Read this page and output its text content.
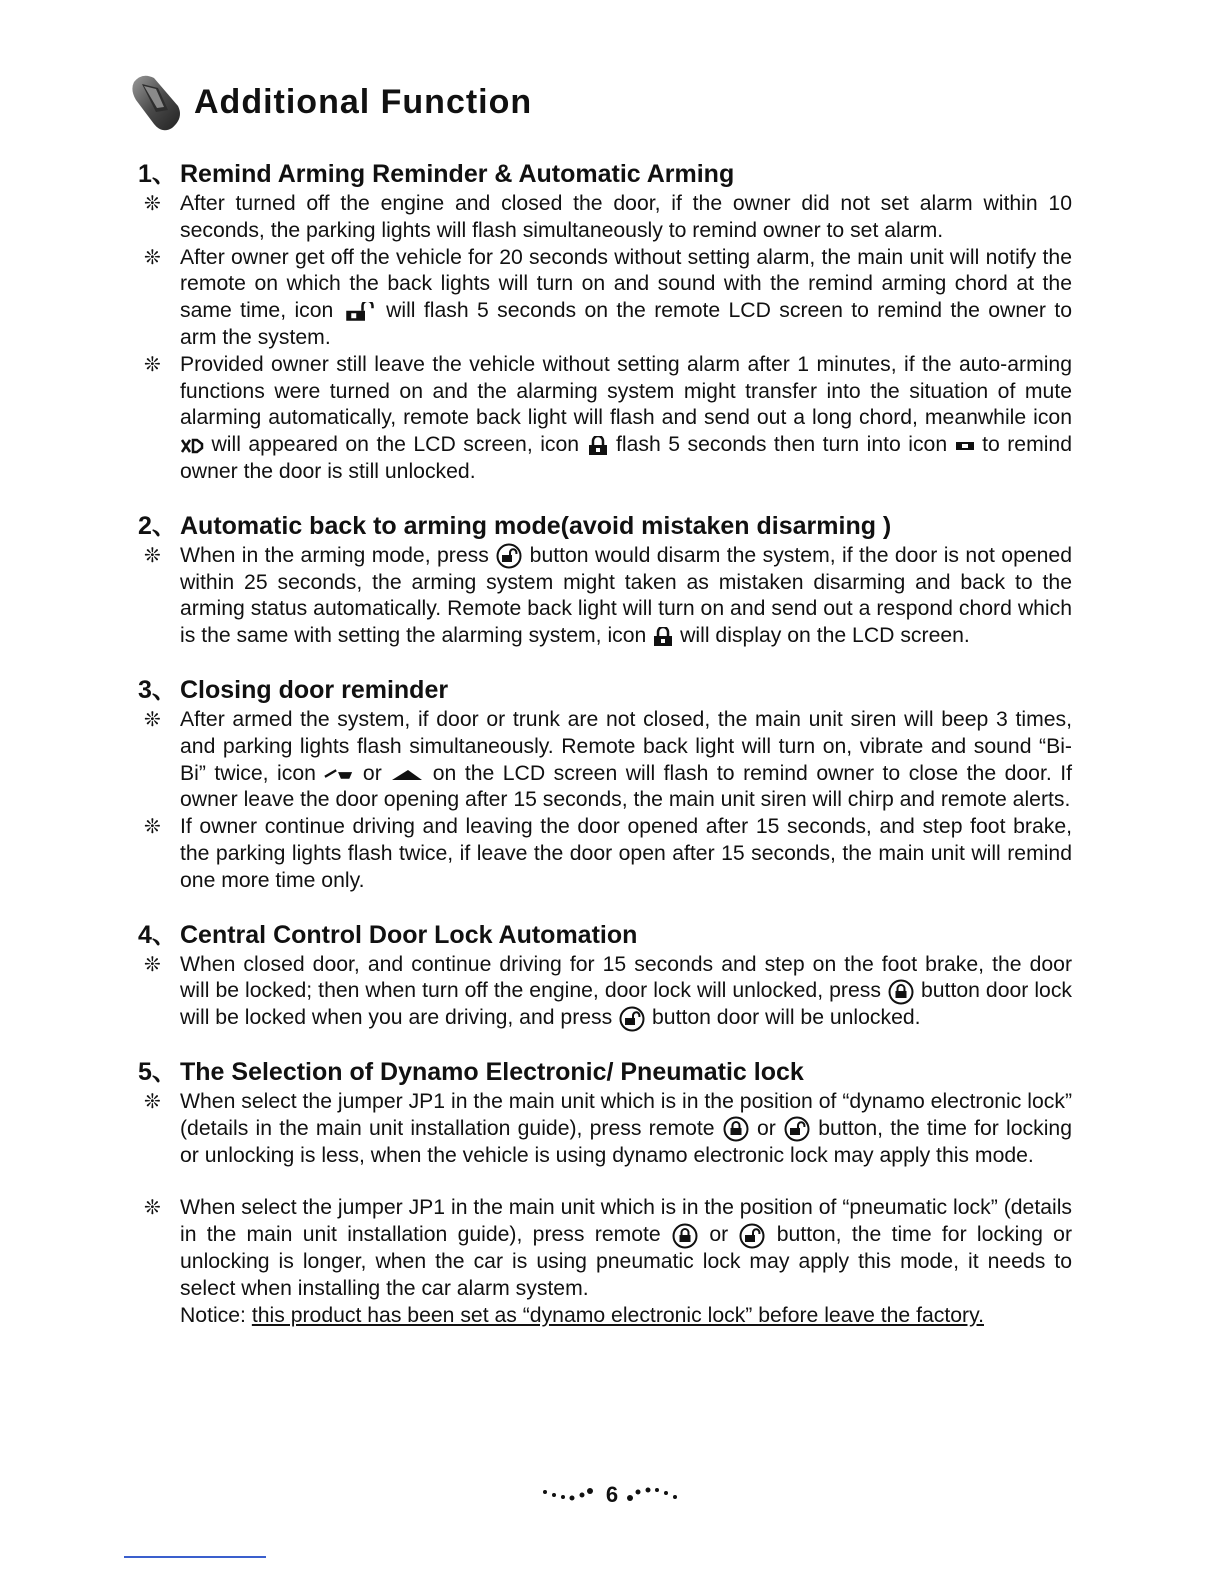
Additional Function
1、 Remind Arming Reminder & Automatic Arming
❊ After turned off the engine and closed the door, if the owner did not set alarm within 10 seconds, the parking lights will flash simultaneously to remind owner to set alarm.
❊ After owner get off the vehicle for 20 seconds without setting alarm, the main unit will notify the remote on which the back lights will turn on and sound with the remind arming chord at the same time, icon will flash 5 seconds on the remote LCD screen to remind the owner to arm the system.
❊ Provided owner still leave the vehicle without setting alarm after 1 minutes, if the auto-arming functions were turned on and the alarming system might transfer into the situation of mute alarming automatically, remote back light will flash and send out a long chord, meanwhile icon  will appeared on the LCD screen, icon flash 5 seconds then turn into icon to remind owner the door is still unlocked.
2、 Automatic back to arming mode(avoid mistaken disarming )
❊ When in the arming mode, press button would disarm the system, if the door is not opened within 25 seconds, the arming system might taken as mistaken disarming and back to the arming status automatically. Remote back light will turn on and send out a respond chord which is the same with setting the alarming system, icon will display on the LCD screen.
3、 Closing door reminder
❊ After armed the system, if door or trunk are not closed, the main unit siren will beep 3 times, and parking lights flash simultaneously. Remote back light will turn on, vibrate and sound “Bi-Bi” twice, icon or on the LCD screen will flash to remind owner to close the door. If owner leave the door opening after 15 seconds, the main unit siren will chirp and remote alerts.
❊ If owner continue driving and leaving the door opened after 15 seconds, and step foot brake, the parking lights flash twice, if leave the door open after 15 seconds, the main unit will remind one more time only.
4、 Central Control Door Lock Automation
❊ When closed door, and continue driving for 15 seconds and step on the foot brake, the door will be locked; then when turn off the engine, door lock will unlocked, press button door lock will be locked when you are driving, and press button door will be unlocked.
5、 The Selection of Dynamo Electronic/ Pneumatic lock
❊ When select the jumper JP1 in the main unit which is in the position of “dynamo electronic lock” (details in the main unit installation guide), press remote or button, the time for locking or unlocking is less, when the vehicle is using dynamo electronic lock may apply this mode.
❊ When select the jumper JP1 in the main unit which is in the position of “pneumatic lock” (details in the main unit installation guide), press remote or button, the time for locking or unlocking is longer, when the car is using pneumatic lock may apply this mode, it needs to select when installing the car alarm system.
Notice: this product has been set as “dynamo electronic lock” before leave the factory.
6
